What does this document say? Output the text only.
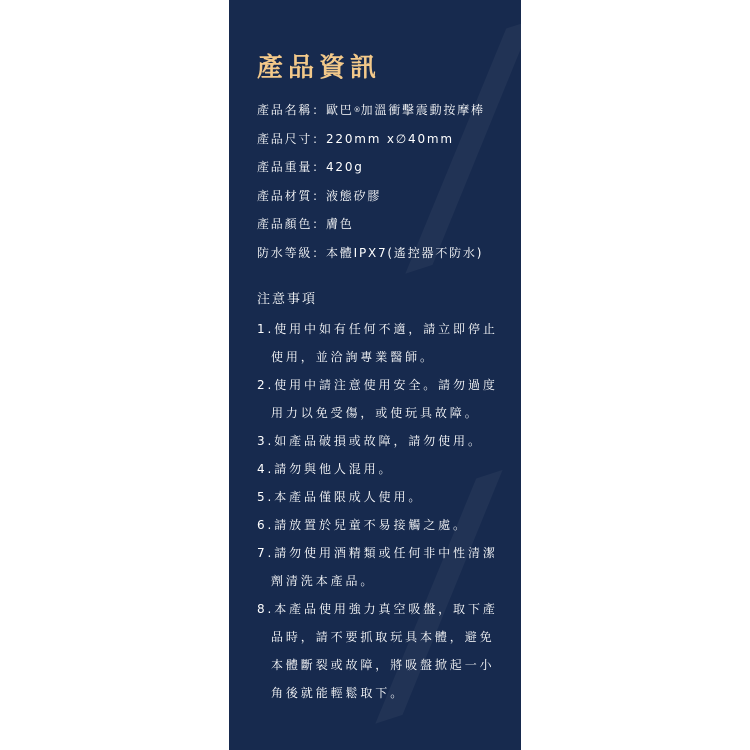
產品資訊
產品名稱：歐巴®加溫衝擊震動按摩棒
產品尺寸：220mm x∅40mm
產品重量：420g
產品材質：液態矽膠
產品顏色：膚色
防水等級：本體IPX7(遙控器不防水)
注意事項
1.使用中如有任何不適，請立即停止
使用，並洽詢專業醫師。
2.使用中請注意使用安全。請勿過度
用力以免受傷，或使玩具故障。
3.如產品破損或故障，請勿使用。
4.請勿與他人混用。
5.本產品僅限成人使用。
6.請放置於兒童不易接觸之處。
7.請勿使用酒精類或任何非中性清潔
劑清洗本產品。
8.本產品使用強力真空吸盤，取下產
品時，請不要抓取玩具本體，避免
本體斷裂或故障，將吸盤掀起一小
角後就能輕鬆取下。
